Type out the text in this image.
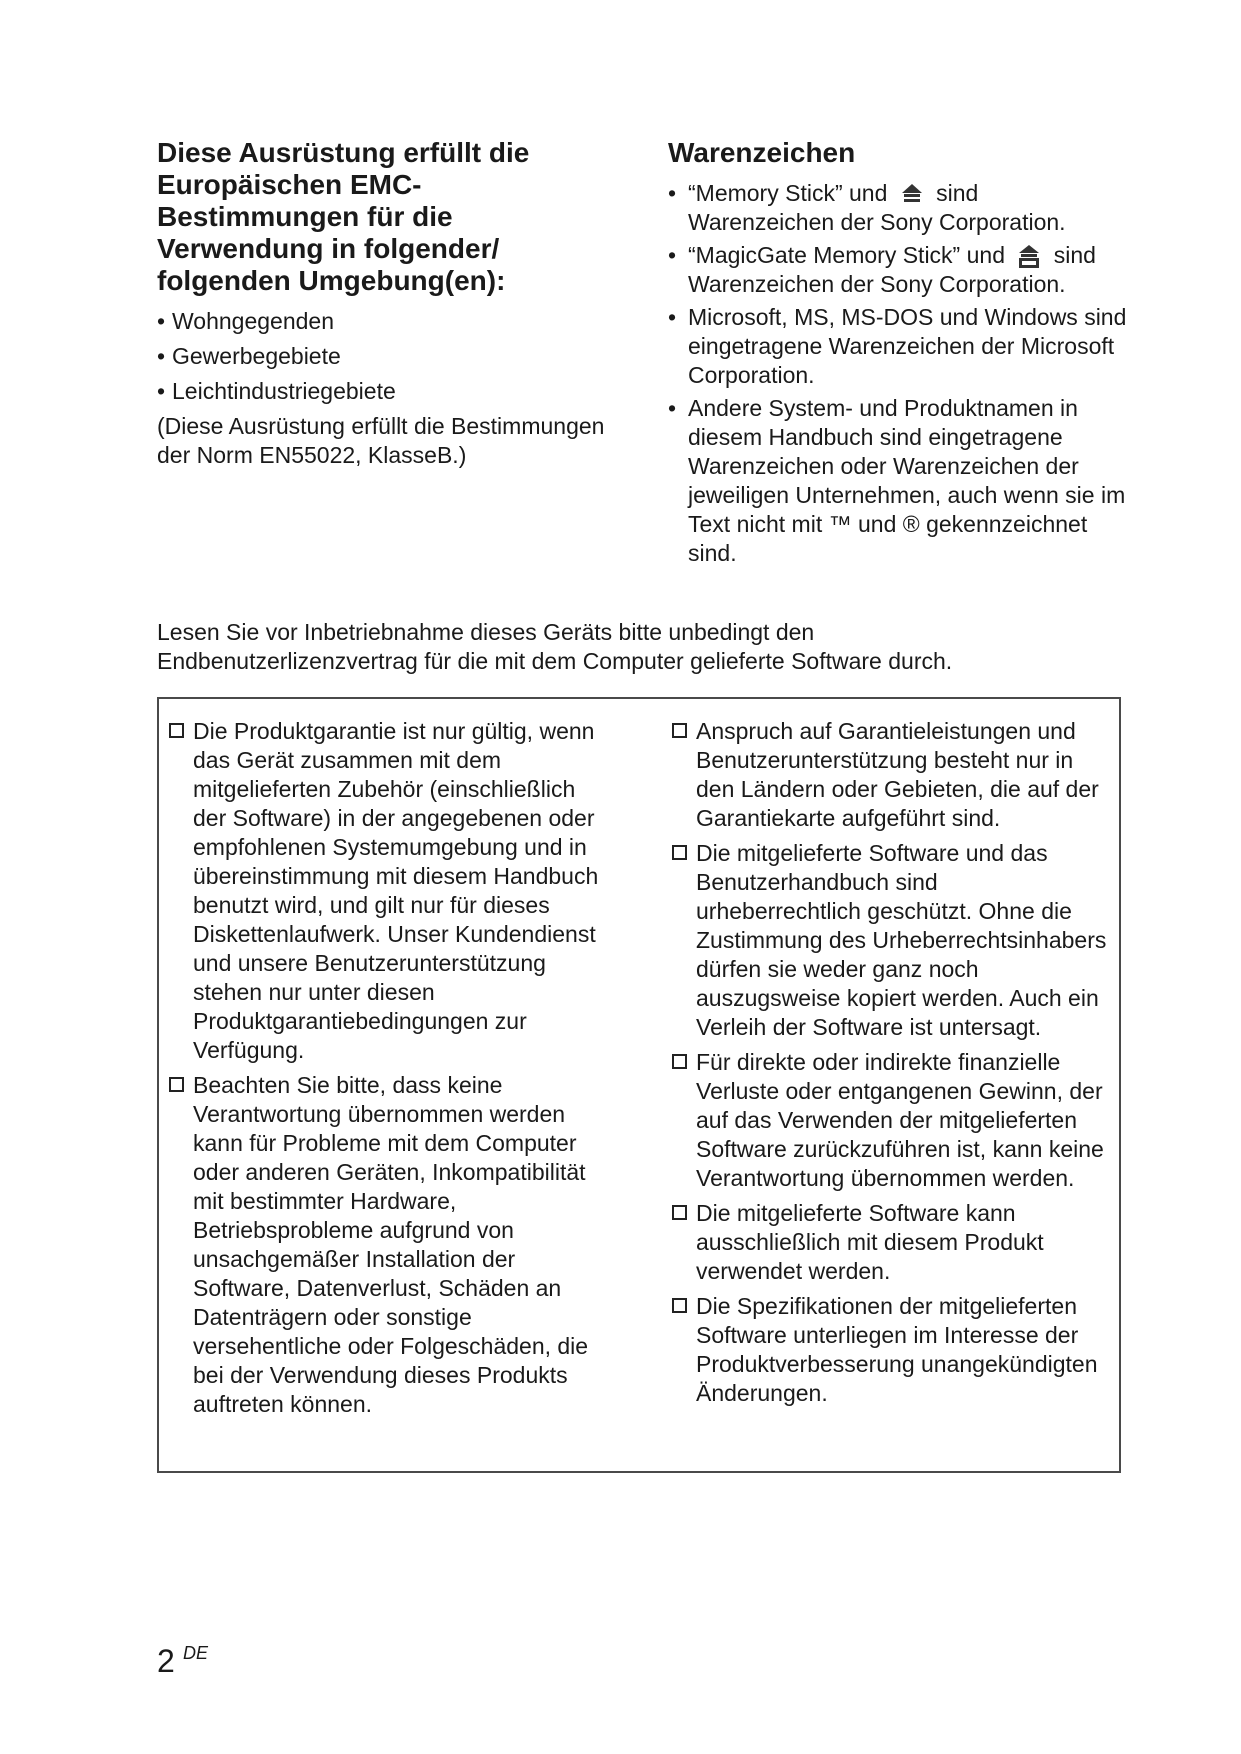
Diese Ausrüstung erfüllt die Europäischen EMC-Bestimmungen für die Verwendung in folgender/ folgenden Umgebung(en):
• Wohngegenden
• Gewerbegebiete
• Leichtindustriegebiete
(Diese Ausrüstung erfüllt die Bestimmungen der Norm EN55022, KlasseB.)
Warenzeichen
• “Memory Stick” und sind Warenzeichen der Sony Corporation.
• “MagicGate Memory Stick” und sind Warenzeichen der Sony Corporation.
• Microsoft, MS, MS-DOS und Windows sind eingetragene Warenzeichen der Microsoft Corporation.
• Andere System- und Produktnamen in diesem Handbuch sind eingetragene Warenzeichen oder Warenzeichen der jeweiligen Unternehmen, auch wenn sie im Text nicht mit ™ und ® gekennzeichnet sind.
Lesen Sie vor Inbetriebnahme dieses Geräts bitte unbedingt den Endbenutzerlizenzvertrag für die mit dem Computer gelieferte Software durch.
Die Produktgarantie ist nur gültig, wenn das Gerät zusammen mit dem mitgelieferten Zubehör (einschließlich der Software) in der angegebenen oder empfohlenen Systemumgebung und in übereinstimmung mit diesem Handbuch benutzt wird, und gilt nur für dieses Diskettenlaufwerk. Unser Kundendienst und unsere Benutzerunterstützung stehen nur unter diesen Produktgarantiebedingungen zur Verfügung.
Beachten Sie bitte, dass keine Verantwortung übernommen werden kann für Probleme mit dem Computer oder anderen Geräten, Inkompatibilität mit bestimmter Hardware, Betriebsprobleme aufgrund von unsachgemäßer Installation der Software, Datenverlust, Schäden an Datenträgern oder sonstige versehentliche oder Folgeschäden, die bei der Verwendung dieses Produkts auftreten können.
Anspruch auf Garantieleistungen und Benutzerunterstützung besteht nur in den Ländern oder Gebieten, die auf der Garantiekarte aufgeführt sind.
Die mitgelieferte Software und das Benutzerhandbuch sind urheberrechtlich geschützt. Ohne die Zustimmung des Urheberrechtsinhabers dürfen sie weder ganz noch auszugsweise kopiert werden. Auch ein Verleih der Software ist untersagt.
Für direkte oder indirekte finanzielle Verluste oder entgangenen Gewinn, der auf das Verwenden der mitgelieferten Software zurückzuführen ist, kann keine Verantwortung übernommen werden.
Die mitgelieferte Software kann ausschließlich mit diesem Produkt verwendet werden.
Die Spezifikationen der mitgelieferten Software unterliegen im Interesse der Produktverbesserung unangekündigten Änderungen.
2 DE
